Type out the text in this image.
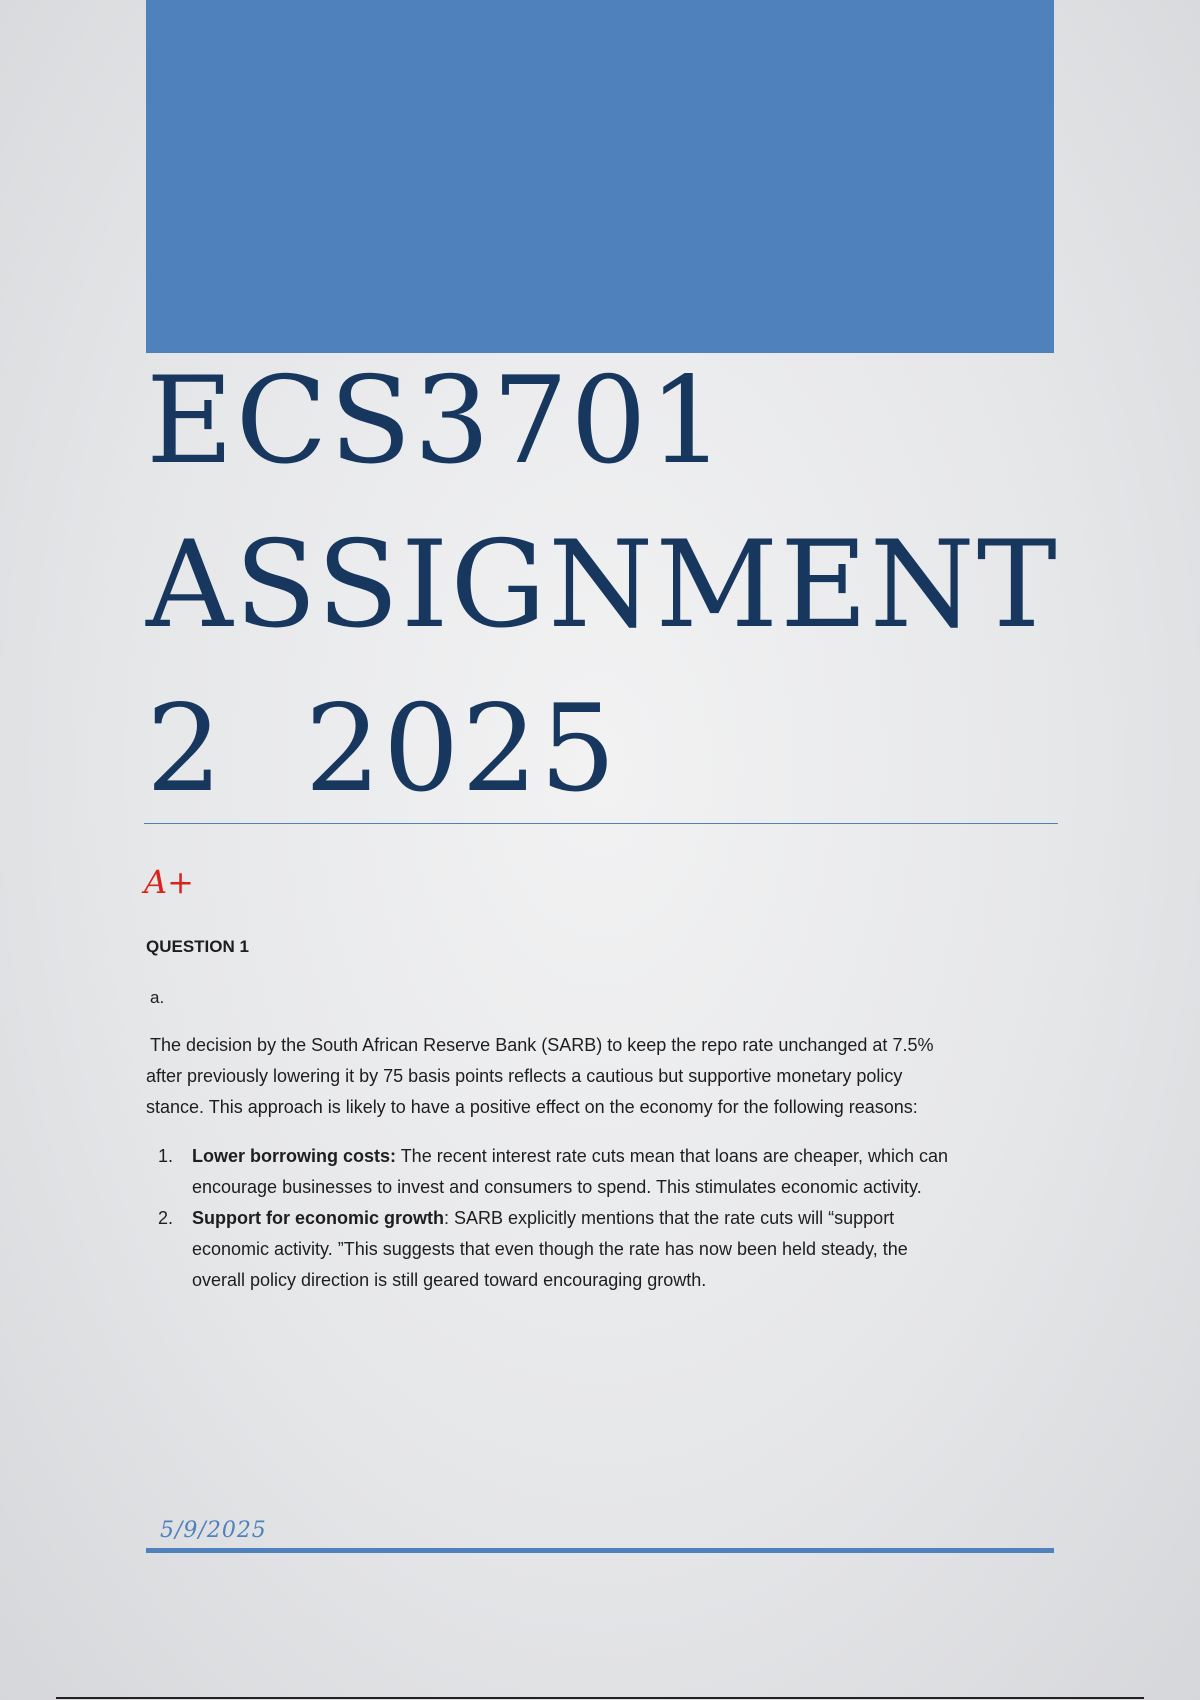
ECS3701
ASSIGNMENT
2  2025
A+

QUESTION 1

a.

The decision by the South African Reserve Bank (SARB) to keep the repo rate unchanged at 7.5%
after previously lowering it by 75 basis points reflects a cautious but supportive monetary policy
stance. This approach is likely to have a positive effect on the economy for the following reasons:

1. Lower borrowing costs: The recent interest rate cuts mean that loans are cheaper, which can
encourage businesses to invest and consumers to spend. This stimulates economic activity.
2. Support for economic growth: SARB explicitly mentions that the rate cuts will “support
economic activity. ”This suggests that even though the rate has now been held steady, the
overall policy direction is still geared toward encouraging growth.
5/9/2025
